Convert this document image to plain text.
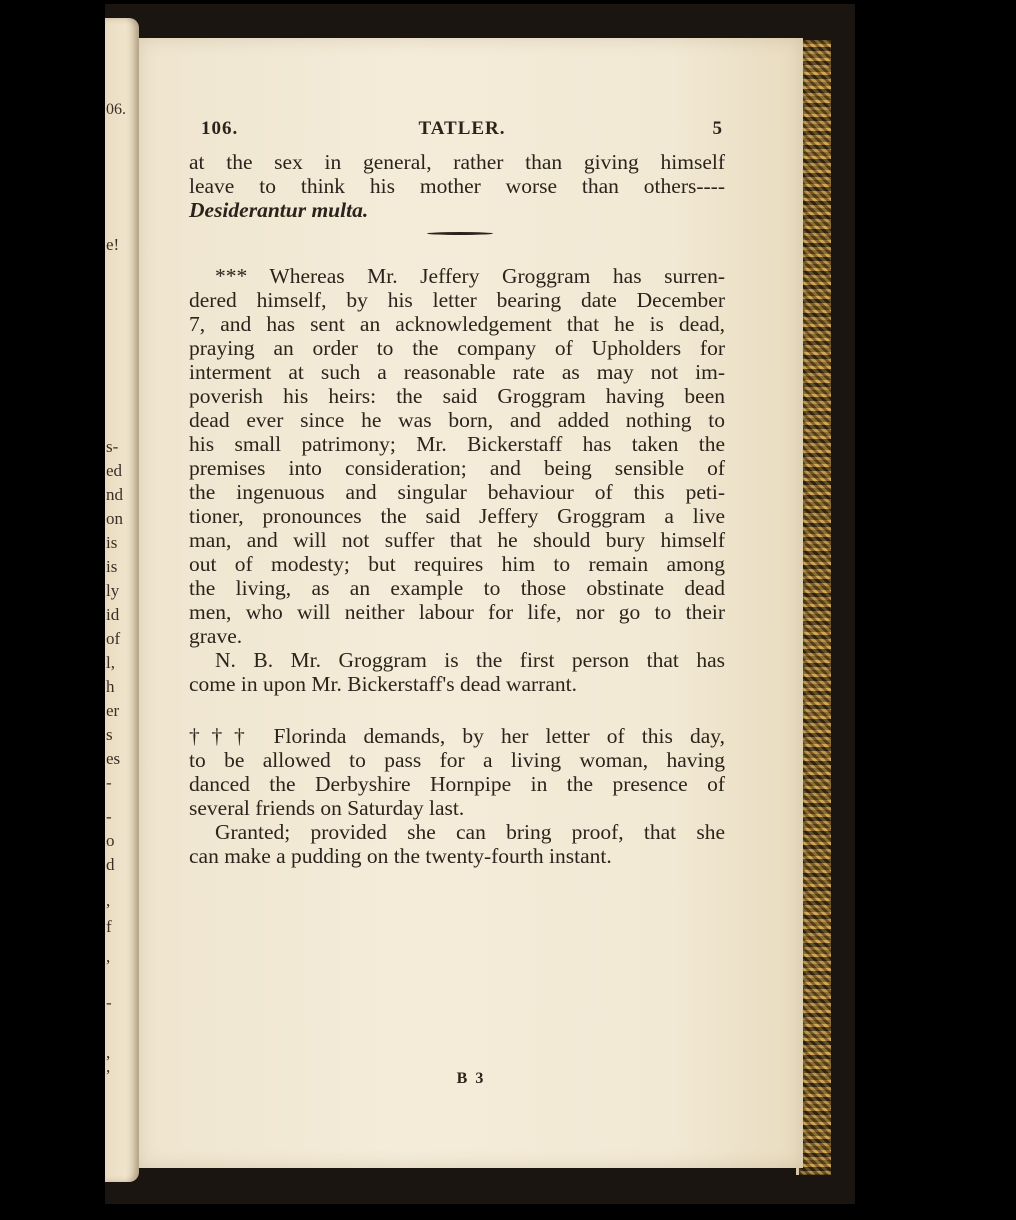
06.
e!
s-
ed
nd
on
is
is
ly
id
of
l,
h
er
s
es
-
-
o
d
,
f
,
-
,
,
106.	TATLER.	5
at the sex in general, rather than giving himself
leave to think his mother worse than others----
Desiderantur multa.
*** Whereas Mr. Jeffery Groggram has surren-
dered himself, by his letter bearing date December
7, and has sent an acknowledgement that he is dead,
praying an order to the company of Upholders for
interment at such a reasonable rate as may not im-
poverish his heirs: the said Groggram having been
dead ever since he was born, and added nothing to
his small patrimony; Mr. Bickerstaff has taken the
premises into consideration; and being sensible of
the ingenuous and singular behaviour of this peti-
tioner, pronounces the said Jeffery Groggram a live
man, and will not suffer that he should bury himself
out of modesty; but requires him to remain among
the living, as an example to those obstinate dead
men, who will neither labour for life, nor go to their
grave.
N. B. Mr. Groggram is the first person that has
come in upon Mr. Bickerstaff's dead warrant.
††† Florinda demands, by her letter of this day,
to be allowed to pass for a living woman, having
danced the Derbyshire Hornpipe in the presence of
several friends on Saturday last.
Granted; provided she can bring proof, that she
can make a pudding on the twenty-fourth instant.
B 3
